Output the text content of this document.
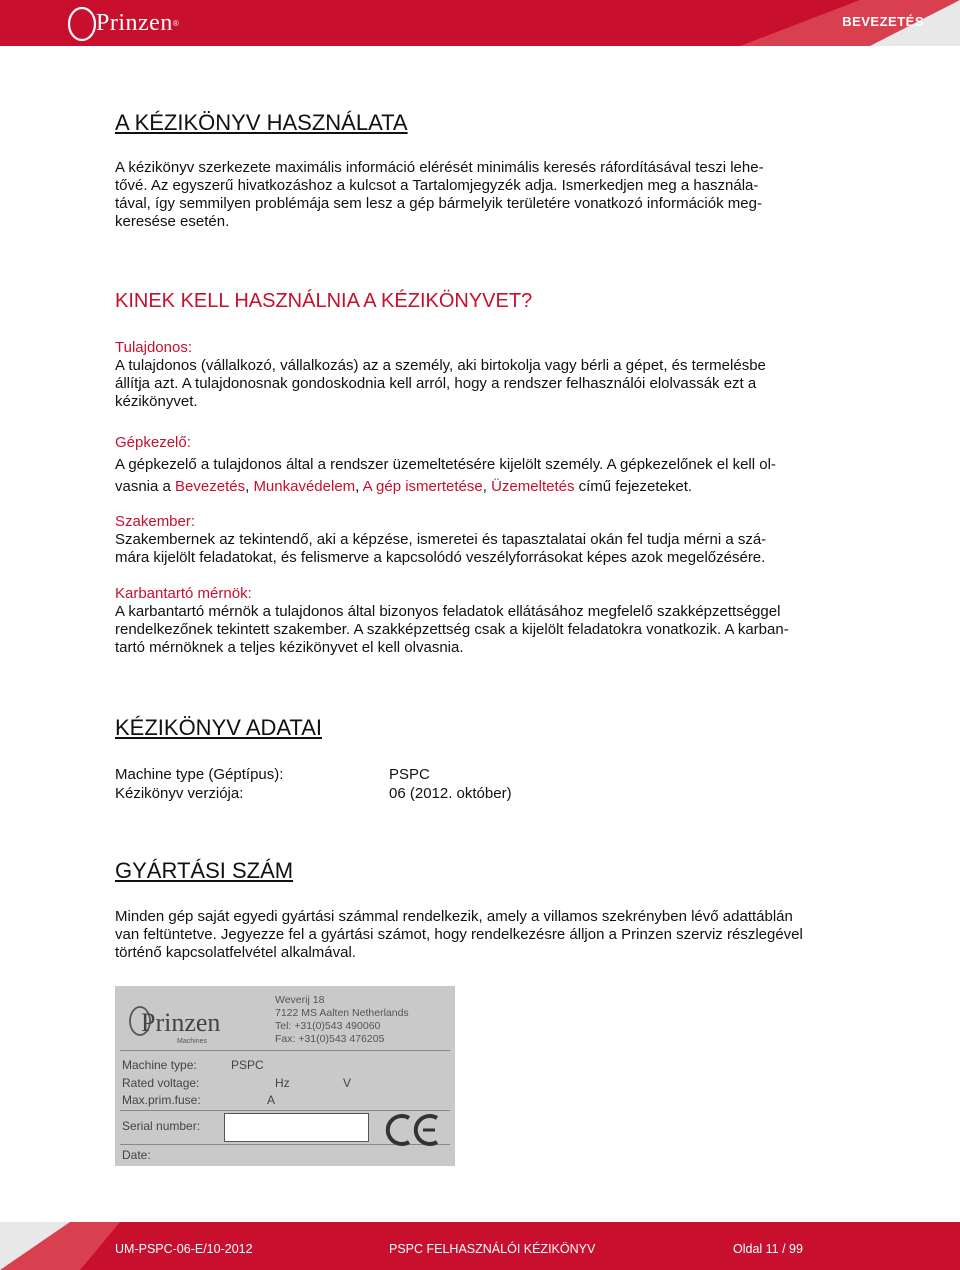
Prinzen ®	BEVEZETÉS
A KÉZIKÖNYV HASZNÁLATA

A kézikönyv szerkezete maximális információ elérését minimális keresés ráfordításával teszi lehe-
tővé. Az egyszerű hivatkozáshoz a kulcsot a Tartalomjegyzék adja. Ismerkedjen meg a használa-
tával, így semmilyen problémája sem lesz a gép bármelyik területére vonatkozó információk meg-
keresése esetén.

KINEK KELL HASZNÁLNIA A KÉZIKÖNYVET?

Tulajdonos:
A tulajdonos (vállalkozó, vállalkozás) az a személy, aki birtokolja vagy bérli a gépet, és termelésbe
állítja azt. A tulajdonosnak gondoskodnia kell arról, hogy a rendszer felhasználói elolvassák ezt a
kézikönyvet.

Gépkezelő:
A gépkezelő a tulajdonos által a rendszer üzemeltetésére kijelölt személy. A gépkezelőnek el kell ol-
vasnia a Bevezetés, Munkavédelem, A gép ismertetése, Üzemeltetés című fejezeteket.

Szakember:
Szakembernek az tekintendő, aki a képzése, ismeretei és tapasztalatai okán fel tudja mérni a szá-
mára kijelölt feladatokat, és felismerve a kapcsolódó veszélyforrásokat képes azok megelőzésére.

Karbantartó mérnök:
A karbantartó mérnök a tulajdonos által bizonyos feladatok ellátásához megfelelő szakképzettséggel
rendelkezőnek tekintett szakember. A szakképzettség csak a kijelölt feladatokra vonatkozik. A karban-
tartó mérnöknek a teljes kézikönyvet el kell olvasnia.

KÉZIKÖNYV ADATAI
Machine type (Géptípus):	PSPC
Kézikönyv verziója:	06 (2012. október)
GYÁRTÁSI SZÁM

Minden gép saját egyedi gyártási számmal rendelkezik, amely a villamos szekrényben lévő adattáblán
van feltüntetve. Jegyezze fel a gyártási számot, hogy rendelkezésre álljon a Prinzen szerviz részlegével
történő kapcsolatfelvétel alkalmával.

Prinzen
Machines
Weverij 18
7122 MS Aalten Netherlands
Tel: +31(0)543 490060
Fax: +31(0)543 476205
Machine type:	PSPC
Rated voltage:	Hz	V
Max.prim.fuse:	A
Serial number:
Date:
UM-PSPC-06-E/10-2012	PSPC FELHASZNÁLÓI KÉZIKÖNYV	Oldal 11 / 99
